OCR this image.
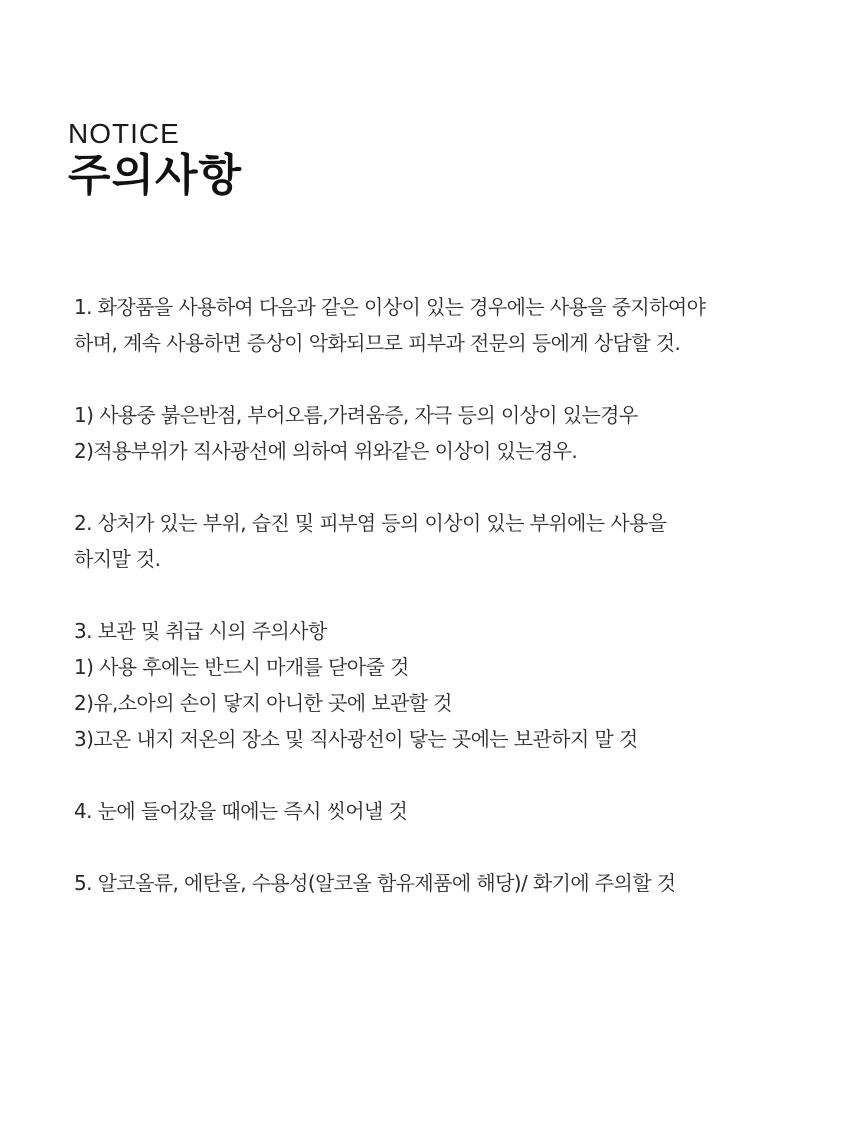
NOTICE
주의사항
1. 화장품을 사용하여 다음과 같은 이상이 있는 경우에는 사용을 중지하여야
하며, 계속 사용하면 증상이 악화되므로 피부과 전문의 등에게 상담할 것.
1) 사용중 붉은반점, 부어오름,가려움증, 자극 등의 이상이 있는경우
2)적용부위가 직사광선에 의하여 위와같은 이상이 있는경우.
2. 상처가 있는 부위, 습진 및 피부염 등의 이상이 있는 부위에는 사용을
하지말 것.
3. 보관 및 취급 시의 주의사항
1) 사용 후에는 반드시 마개를 닫아줄 것
2)유,소아의 손이 닿지 아니한 곳에 보관할 것
3)고온 내지 저온의 장소 및 직사광선이 닿는 곳에는 보관하지 말 것
4. 눈에 들어갔을 때에는 즉시 씻어낼 것
5. 알코올류, 에탄올, 수용성(알코올 함유제품에 해당)/ 화기에 주의할 것
